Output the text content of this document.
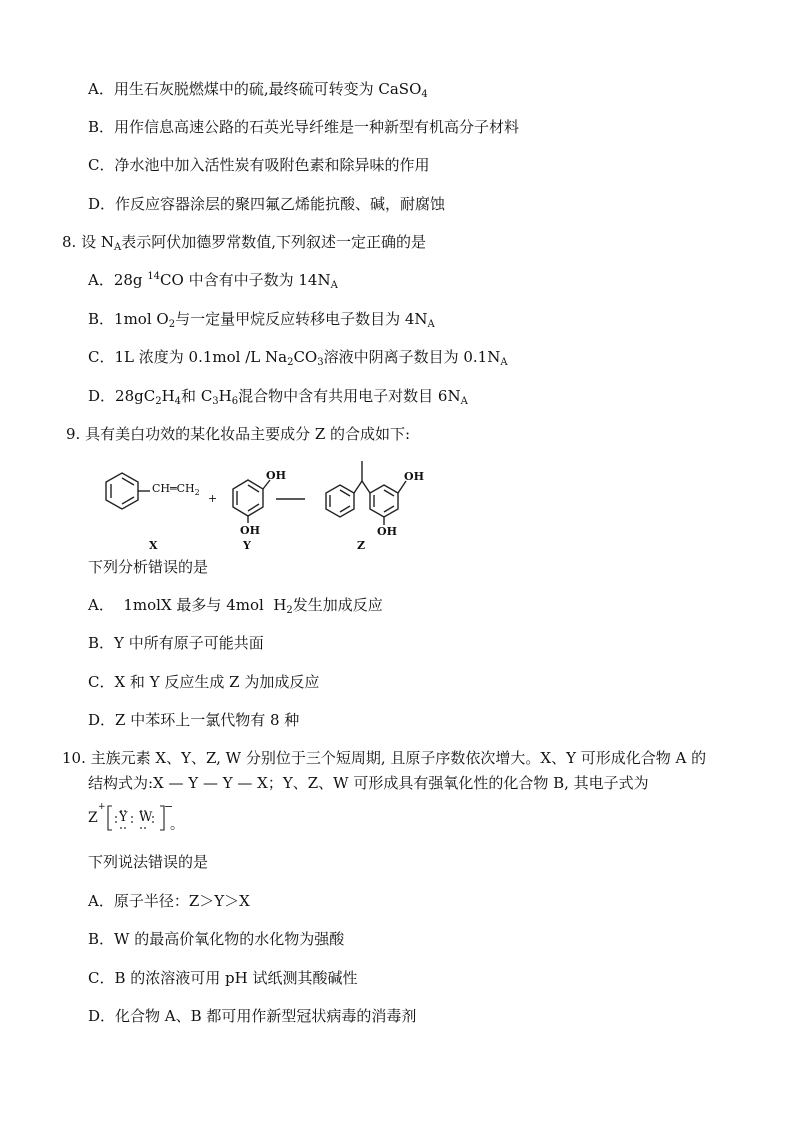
A．用生石灰脱燃煤中的硫,最终硫可转变为 CaSO$_4$
B．用作信息高速公路的石英光导纤维是一种新型有机高分子材料
C．净水池中加入活性炭有吸附色素和除异味的作用
D．作反应容器涂层的聚四氟乙烯能抗酸、碱，耐腐蚀
8. 设 $N_A$表示阿伏加德罗常数值,下列叙述一定正确的是
A．28g $^{14}$CO 中含有中子数为 $14N_A$
B．1mol $O_2$与一定量甲烷反应转移电子数目为 $4N_A$
C．1L 浓度为 0.1mol /L $Na_2CO_3$溶液中阴离子数目为 $0.1N_A$
D．$28gC_2H_4$和 $C_3H_6$混合物中含有共用电子对数目 $6N_A$
9. 具有美白功效的某化妆品主要成分 Z 的合成如下:
$CH═CH_2$ +
OH
OH
OH
OH
X	Y	Z
下列分析错误的是
A．  1molX 最多与 4mol  $H_2$发生加成反应
B．Y 中所有原子可能共面
C．X 和 Y 反应生成 Z 为加成反应
D．Z 中苯环上一氯代物有 8 种
10. 主族元素 X、Y、Z, W 分别位于三个短周期, 且原子序数依次增大。X、Y 可形成化合物 A 的
结构式为:X — Y — Y — X；Y、Z、W 可形成具有强氧化性的化合物 B, 其电子式为
Z
+
Y W
−
。
下列说法错误的是
A．原子半径：Z＞Y＞X
B．W 的最高价氧化物的水化物为强酸
C．B 的浓溶液可用 pH 试纸测其酸碱性
D．化合物 A、B 都可用作新型冠状病毒的消毒剂
